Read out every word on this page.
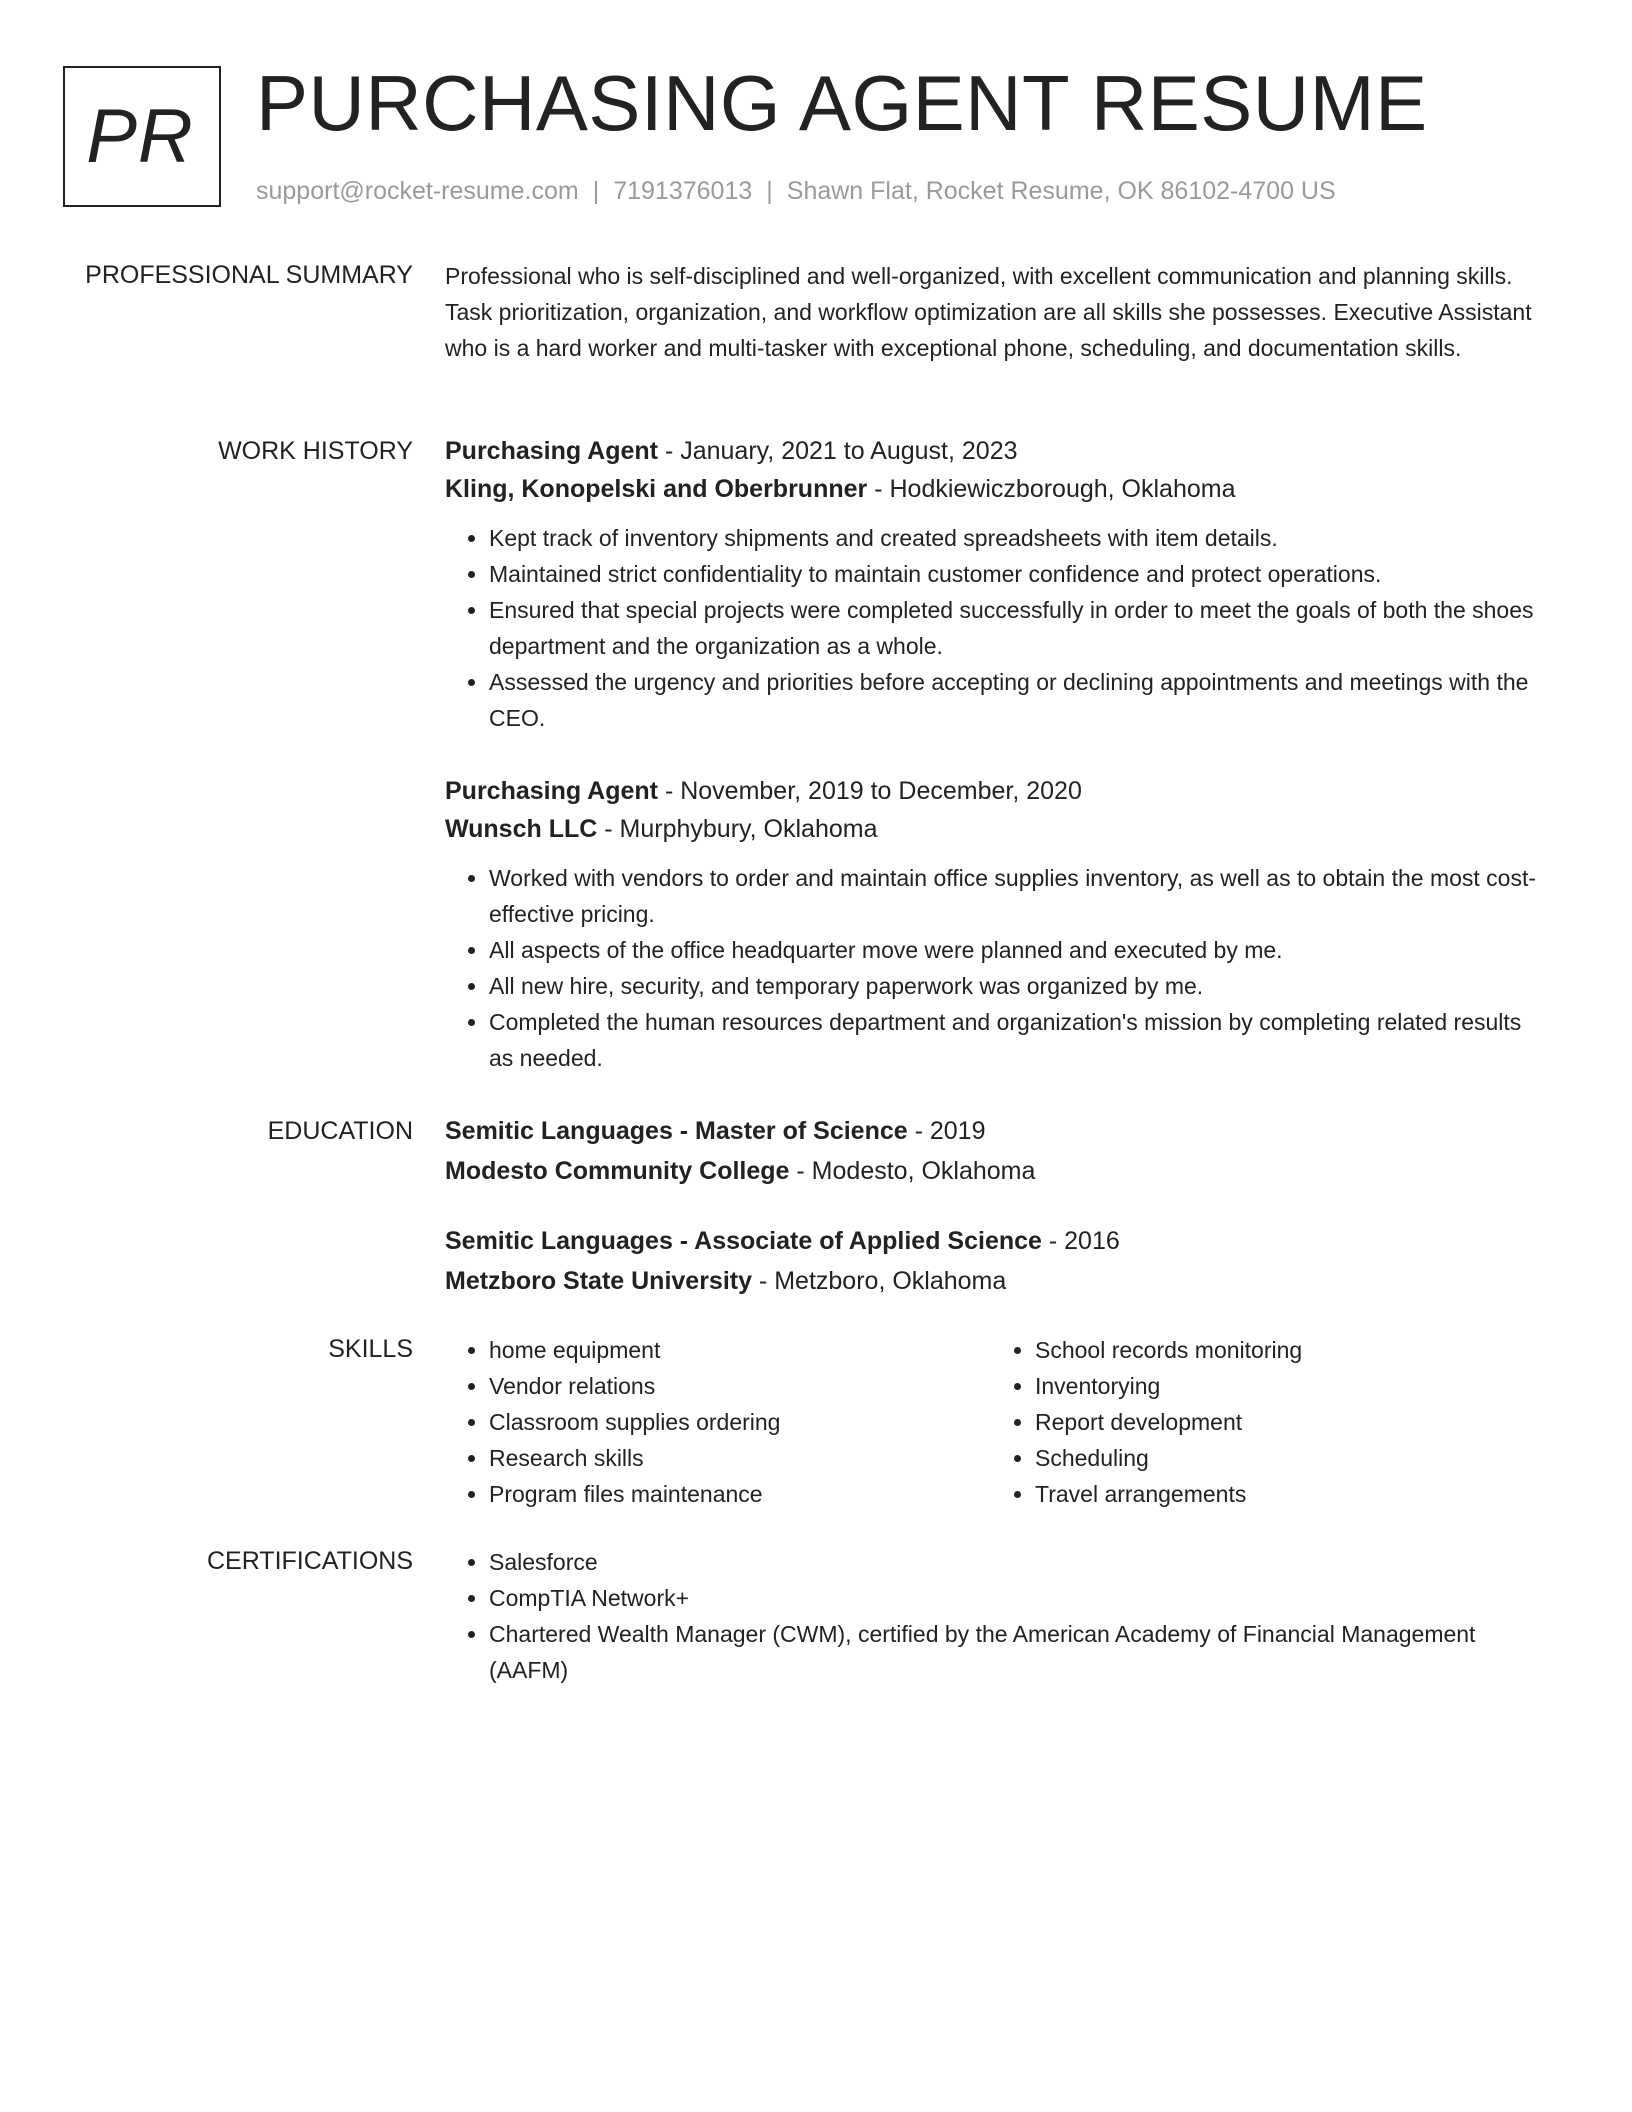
PR PURCHASING AGENT RESUME
support@rocket-resume.com | 7191376013 | Shawn Flat, Rocket Resume, OK 86102-4700 US
PROFESSIONAL SUMMARY Professional who is self-disciplined and well-organized, with excellent communication and planning skills. Task prioritization, organization, and workflow optimization are all skills she possesses. Executive Assistant who is a hard worker and multi-tasker with exceptional phone, scheduling, and documentation skills.

WORK HISTORY Purchasing Agent - January, 2021 to August, 2023
Kling, Konopelski and Oberbrunner - Hodkiewiczborough, Oklahoma
• Kept track of inventory shipments and created spreadsheets with item details.
• Maintained strict confidentiality to maintain customer confidence and protect operations.
• Ensured that special projects were completed successfully in order to meet the goals of both the shoes department and the organization as a whole.
• Assessed the urgency and priorities before accepting or declining appointments and meetings with the CEO.
Purchasing Agent - November, 2019 to December, 2020
Wunsch LLC - Murphybury, Oklahoma
• Worked with vendors to order and maintain office supplies inventory, as well as to obtain the most cost-effective pricing.
• All aspects of the office headquarter move were planned and executed by me.
• All new hire, security, and temporary paperwork was organized by me.
• Completed the human resources department and organization's mission by completing related results as needed.
EDUCATION Semitic Languages - Master of Science - 2019
Modesto Community College - Modesto, Oklahoma
Semitic Languages - Associate of Applied Science - 2016
Metzboro State University - Metzboro, Oklahoma
SKILLS	• home equipment
• Vendor relations
• Classroom supplies ordering
• Research skills
• Program files maintenance
• School records monitoring
• Inventorying
• Report development
• Scheduling
• Travel arrangements
CERTIFICATIONS	• Salesforce
• CompTIA Network+
• Chartered Wealth Manager (CWM), certified by the American Academy of Financial Management (AAFM)
